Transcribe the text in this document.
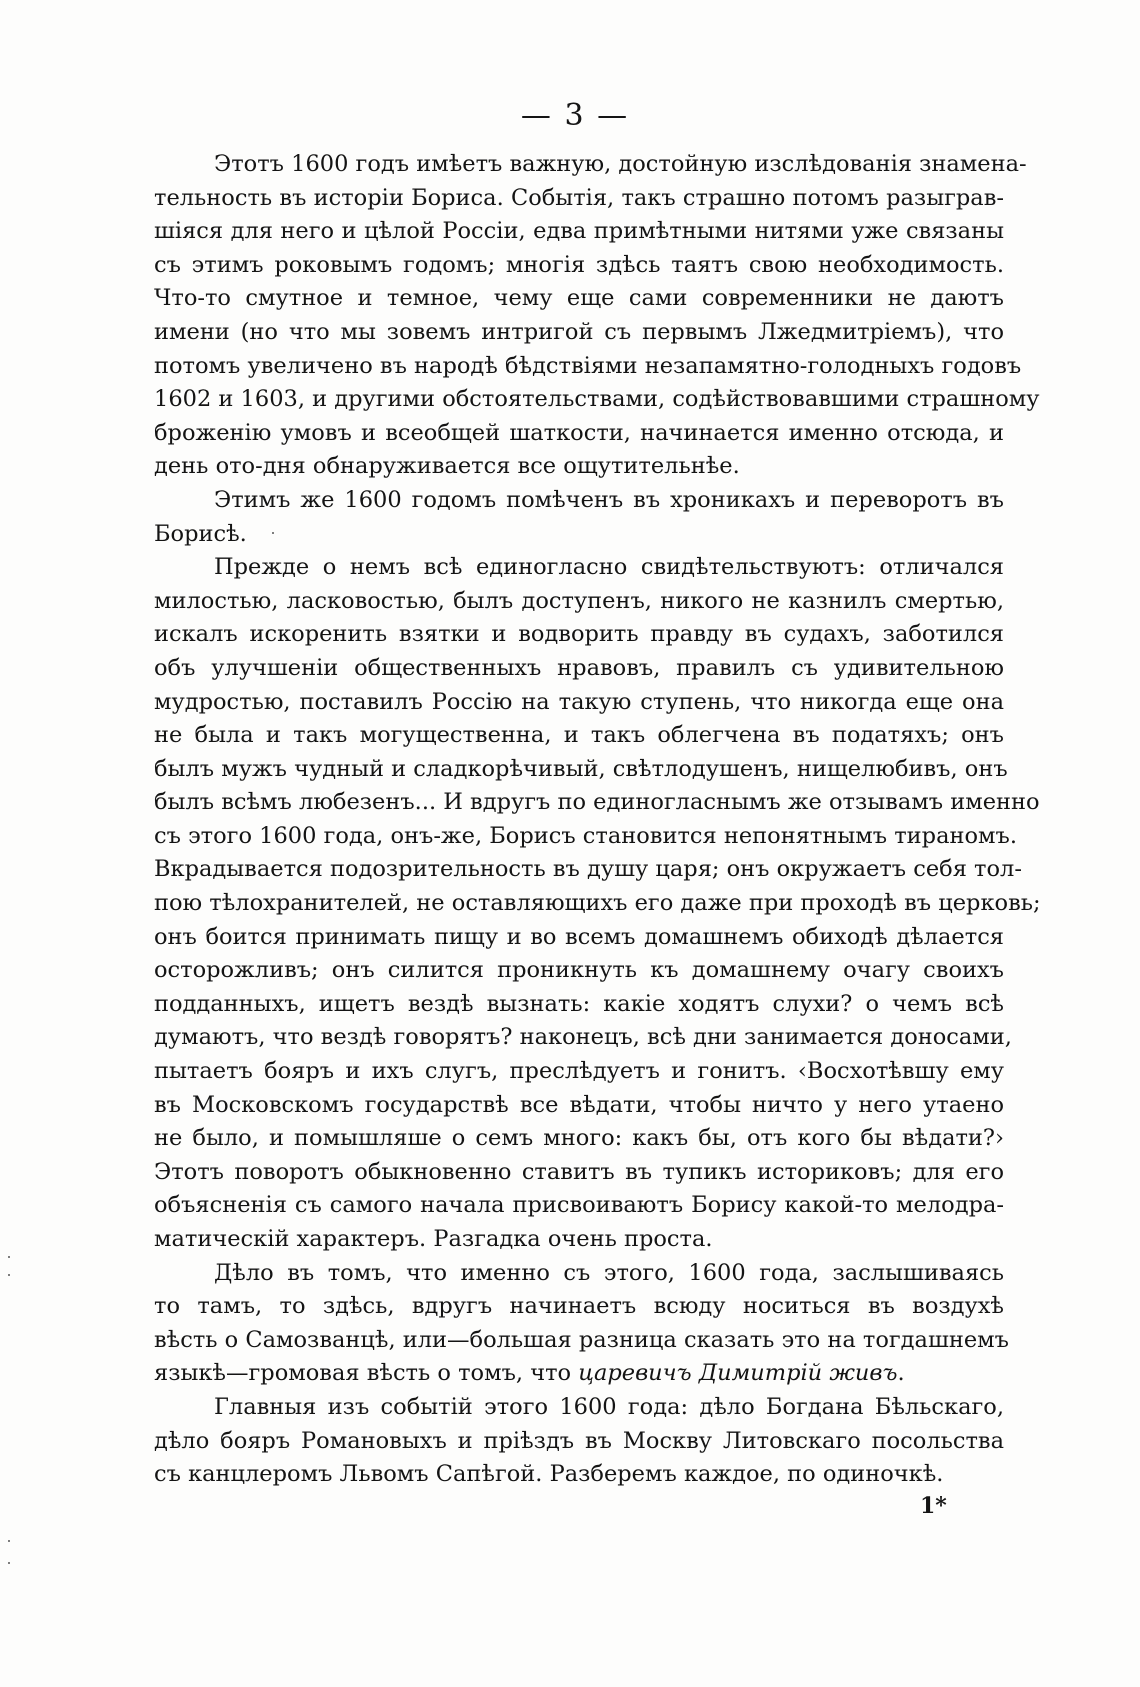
— 3 —
Этотъ 1600 годъ имѣетъ важную, достойную изслѣдованія знамена-
тельность въ исторіи Бориса. Событія, такъ страшно потомъ разыграв-
шіяся для него и цѣлой Россіи, едва примѣтными нитями уже связаны
съ этимъ роковымъ годомъ; многія здѣсь таятъ свою необходимость.
Что-то смутное и темное, чему еще сами современники не даютъ
имени (но что мы зовемъ интригой съ первымъ Лжедмитріемъ), что
потомъ увеличено въ народѣ бѣдствіями незапамятно-голодныхъ годовъ
1602 и 1603, и другими обстоятельствами, содѣйствовавшими страшному
броженію умовъ и всеобщей шаткости, начинается именно отсюда, и
день ото-дня обнаруживается все ощутительнѣе.
Этимъ же 1600 годомъ помѣченъ въ хроникахъ и переворотъ въ
Борисѣ.
Прежде о немъ всѣ единогласно свидѣтельствуютъ: отличался
милостью, ласковостью, былъ доступенъ, никого не казнилъ смертью,
искалъ искоренить взятки и водворить правду въ судахъ, заботился
объ улучшеніи общественныхъ нравовъ, правилъ съ удивительною
мудростью, поставилъ Россію на такую ступень, что никогда еще она
не была и такъ могущественна, и такъ облегчена въ податяхъ; онъ
былъ мужъ чудный и сладкорѣчивый, свѣтлодушенъ, нищелюбивъ, онъ
былъ всѣмъ любезенъ... И вдругъ по единогласнымъ же отзывамъ именно
съ этого 1600 года, онъ-же, Борисъ становится непонятнымъ тираномъ.
Вкрадывается подозрительность въ душу царя; онъ окружаетъ себя тол-
пою тѣлохранителей, не оставляющихъ его даже при проходѣ въ церковь;
онъ боится принимать пищу и во всемъ домашнемъ обиходѣ дѣлается
осторожливъ; онъ силится проникнуть къ домашнему очагу своихъ
подданныхъ, ищетъ вездѣ вызнать: какіе ходятъ слухи? о чемъ всѣ
думаютъ, что вездѣ говорятъ? наконецъ, всѣ дни занимается доносами,
пытаетъ бояръ и ихъ слугъ, преслѣдуетъ и гонитъ. ‹Восхотѣвшу ему
въ Московскомъ государствѣ все вѣдати, чтобы ничто у него утаено
не было, и помышляше о семъ много: какъ бы, отъ кого бы вѣдати?›
Этотъ поворотъ обыкновенно ставитъ въ тупикъ историковъ; для его
объясненія съ самого начала присвоиваютъ Борису какой-то мелодра-
матическій характеръ. Разгадка очень проста.
Дѣло въ томъ, что именно съ этого, 1600 года, заслышиваясь
то тамъ, то здѣсь, вдругъ начинаетъ всюду носиться въ воздухѣ
вѣсть о Самозванцѣ, или—большая разница сказать это на тогдашнемъ
языкѣ—громовая вѣсть о томъ, что царевичъ Димитрій живъ.
Главныя изъ событій этого 1600 года: дѣло Богдана Бѣльскаго,
дѣло бояръ Романовыхъ и пріѣздъ въ Москву Литовскаго посольства
съ канцлеромъ Львомъ Сапѣгой. Разберемъ каждое, по одиночкѣ.
1*
